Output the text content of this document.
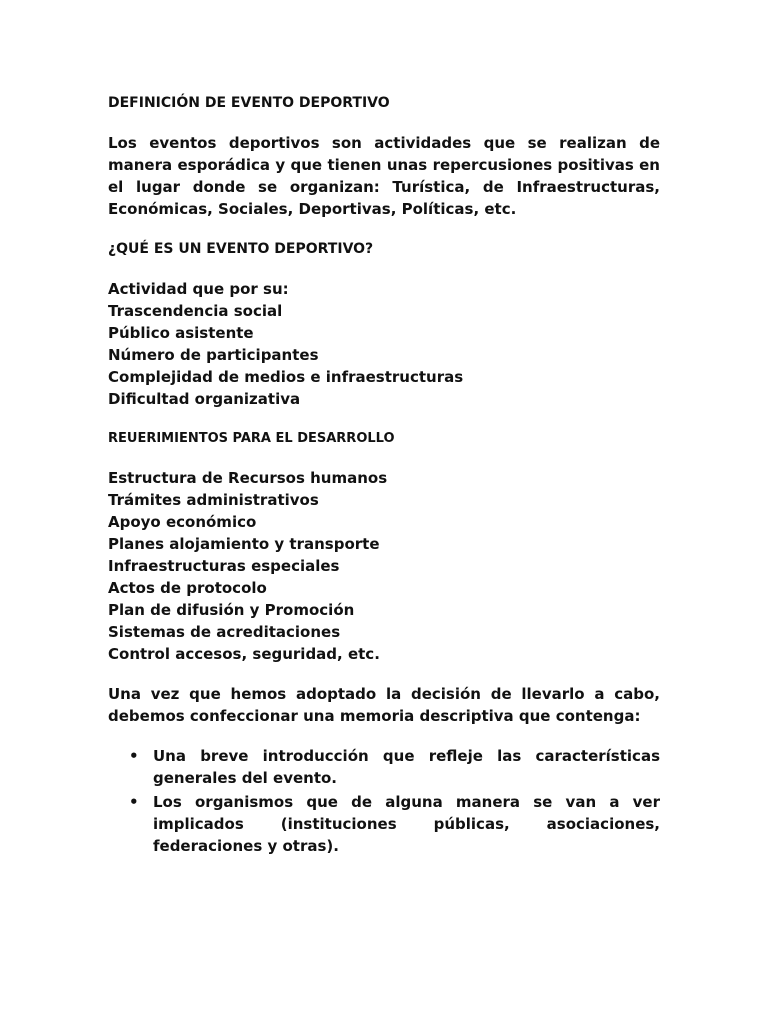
DEFINICIÓN DE EVENTO DEPORTIVO
Los eventos deportivos son actividades que se realizan de manera esporádica y que tienen unas repercusiones positivas en el lugar donde se organizan: Turística, de Infraestructuras, Económicas, Sociales, Deportivas, Políticas, etc.
¿QUÉ ES UN EVENTO DEPORTIVO?
Actividad que por su:
Trascendencia social
Público asistente
Número de participantes
Complejidad de medios e infraestructuras
Dificultad organizativa
REUERIMIENTOS PARA EL DESARROLLO
Estructura de Recursos humanos
Trámites administrativos
Apoyo económico
Planes alojamiento y transporte
Infraestructuras especiales
Actos de protocolo
Plan de difusión y Promoción
Sistemas de acreditaciones
Control accesos, seguridad, etc.
Una vez que hemos adoptado la decisión de llevarlo a cabo, debemos confeccionar una memoria descriptiva que contenga:
• Una breve introducción que refleje las características generales del evento.
• Los organismos que de alguna manera se van a ver implicados (instituciones públicas, asociaciones, federaciones y otras).
